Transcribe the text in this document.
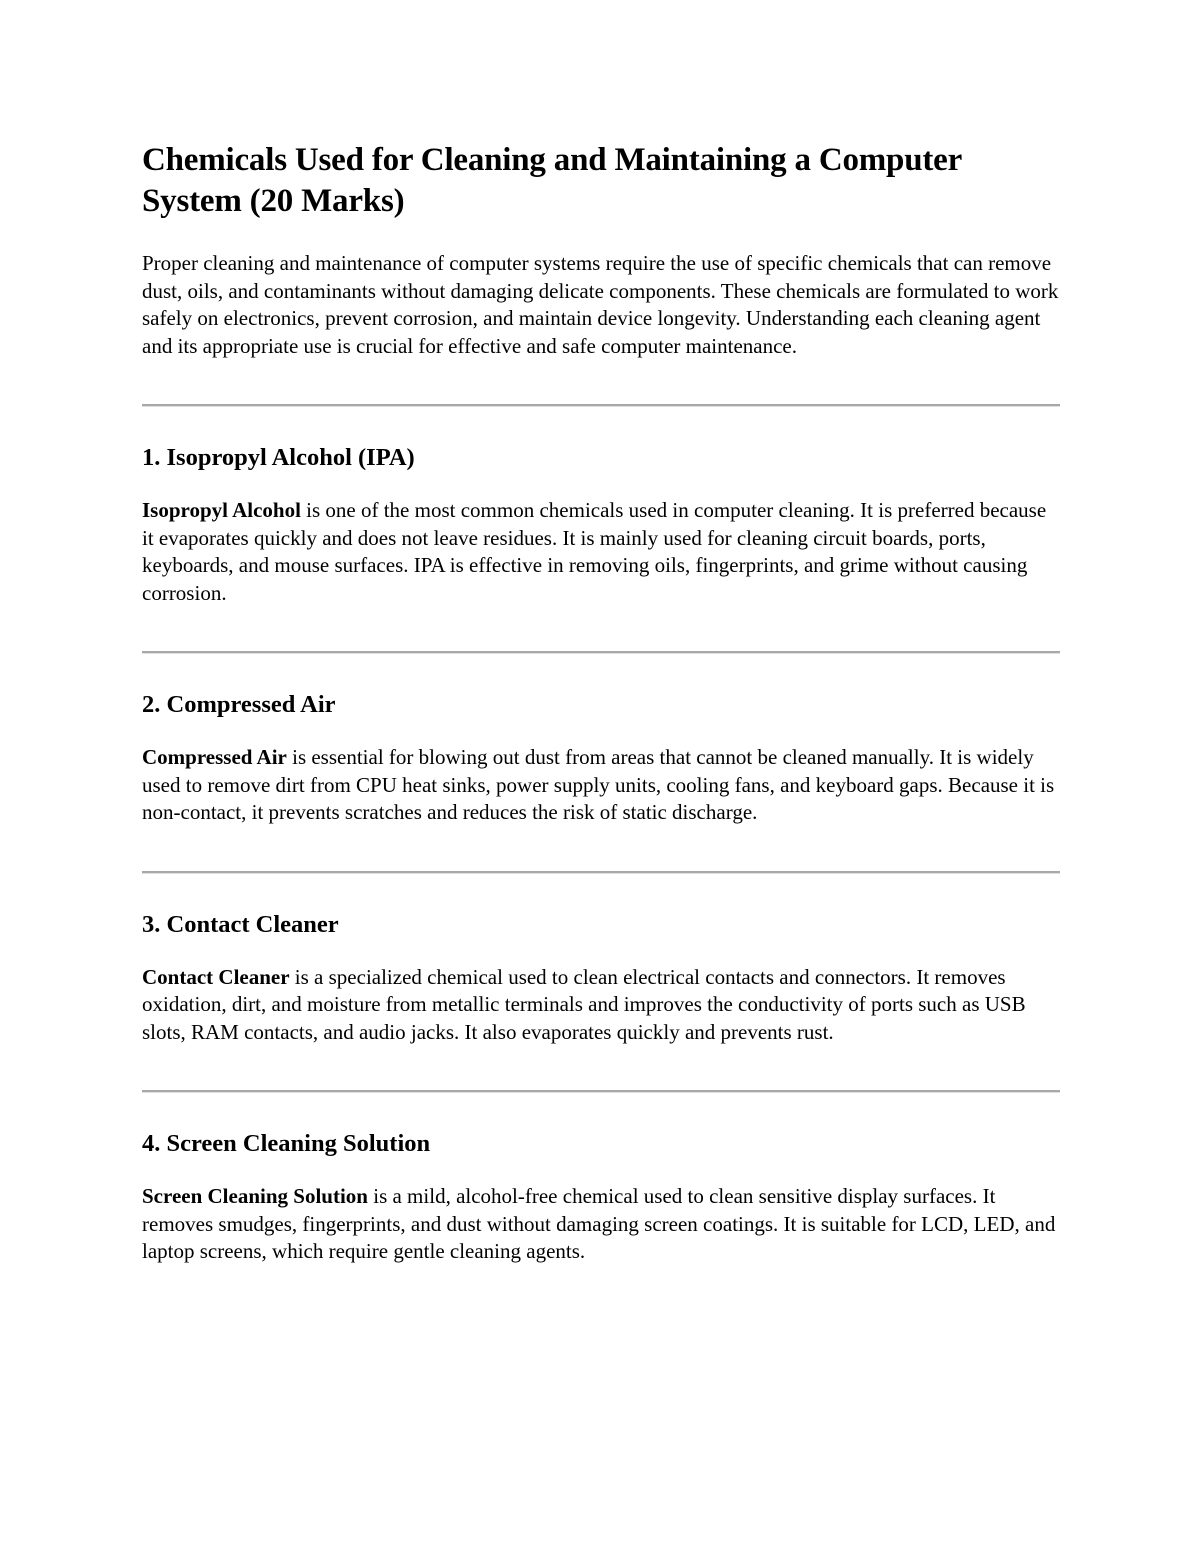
Chemicals Used for Cleaning and Maintaining a Computer System (20 Marks)

Proper cleaning and maintenance of computer systems require the use of specific chemicals that can remove dust, oils, and contaminants without damaging delicate components. These chemicals are formulated to work safely on electronics, prevent corrosion, and maintain device longevity. Understanding each cleaning agent and its appropriate use is crucial for effective and safe computer maintenance.

1. Isopropyl Alcohol (IPA)

Isopropyl Alcohol is one of the most common chemicals used in computer cleaning. It is preferred because it evaporates quickly and does not leave residues. It is mainly used for cleaning circuit boards, ports, keyboards, and mouse surfaces. IPA is effective in removing oils, fingerprints, and grime without causing corrosion.

2. Compressed Air

Compressed Air is essential for blowing out dust from areas that cannot be cleaned manually. It is widely used to remove dirt from CPU heat sinks, power supply units, cooling fans, and keyboard gaps. Because it is non-contact, it prevents scratches and reduces the risk of static discharge.

3. Contact Cleaner

Contact Cleaner is a specialized chemical used to clean electrical contacts and connectors. It removes oxidation, dirt, and moisture from metallic terminals and improves the conductivity of ports such as USB slots, RAM contacts, and audio jacks. It also evaporates quickly and prevents rust.

4. Screen Cleaning Solution

Screen Cleaning Solution is a mild, alcohol-free chemical used to clean sensitive display surfaces. It removes smudges, fingerprints, and dust without damaging screen coatings. It is suitable for LCD, LED, and laptop screens, which require gentle cleaning agents.
